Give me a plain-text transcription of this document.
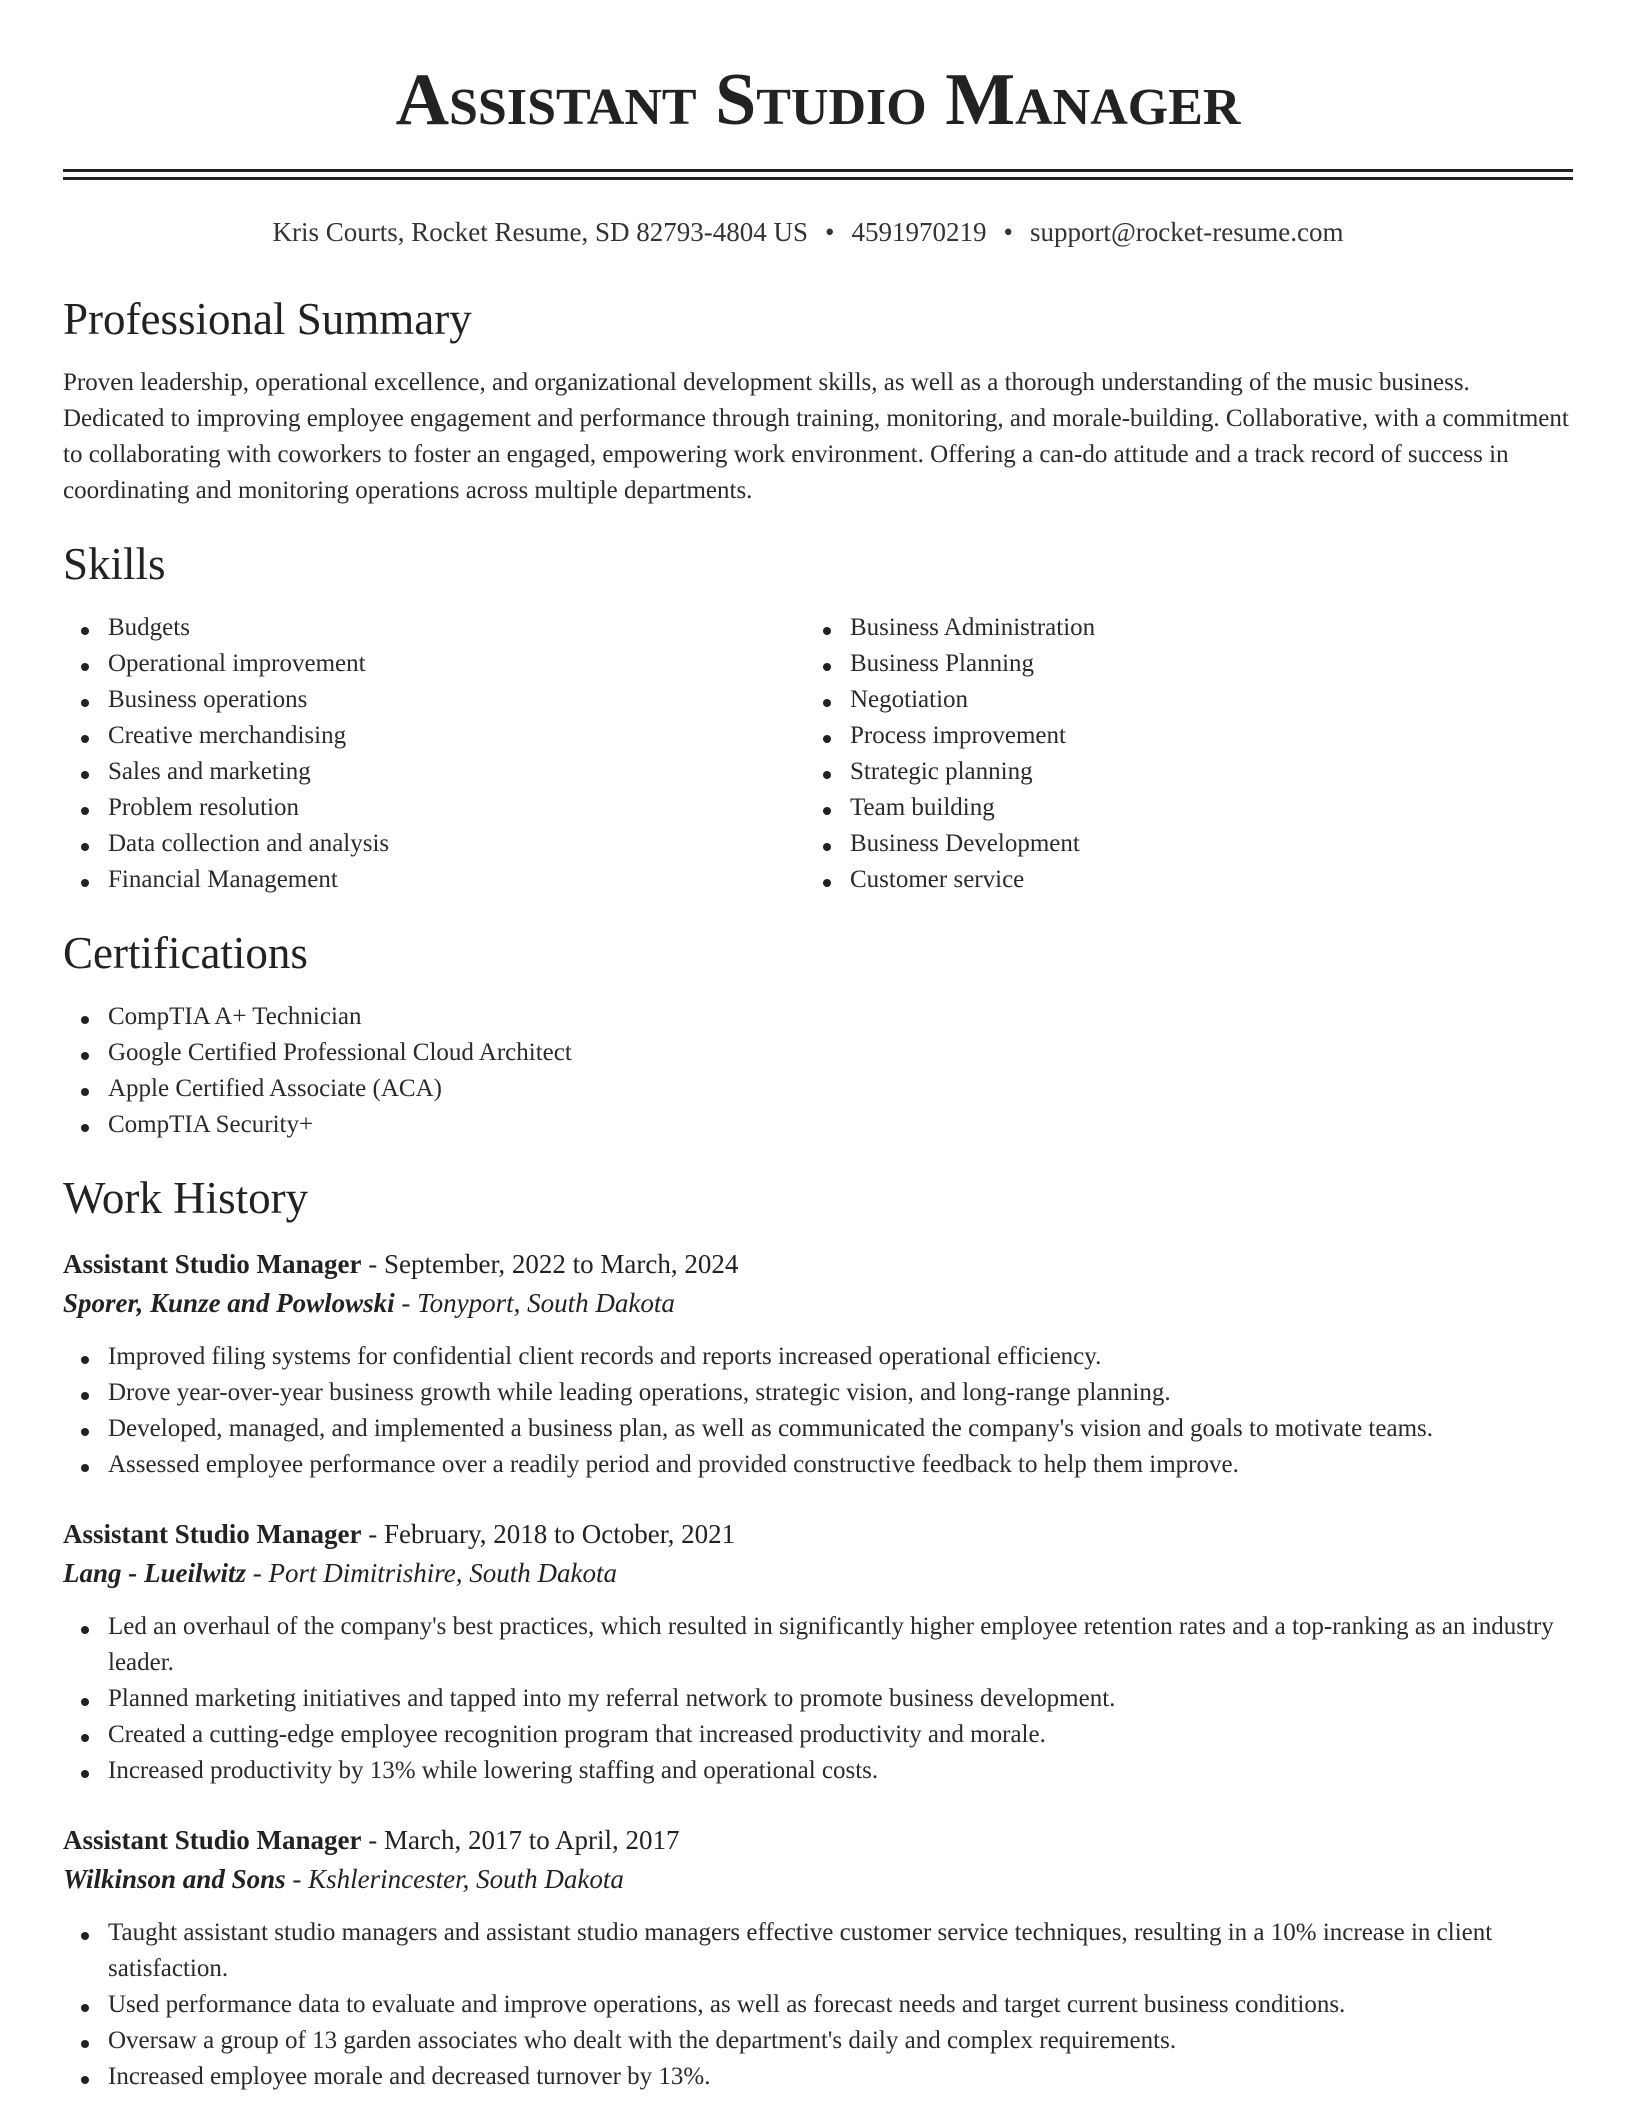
Assistant Studio Manager
Kris Courts, Rocket Resume, SD 82793-4804 US • 4591970219 • support@rocket-resume.com
Professional Summary

Proven leadership, operational excellence, and organizational development skills, as well as a thorough understanding of the music business. Dedicated to improving employee engagement and performance through training, monitoring, and morale-building. Collaborative, with a commitment to collaborating with coworkers to foster an engaged, empowering work environment. Offering a can-do attitude and a track record of success in coordinating and monitoring operations across multiple departments.

Skills
Budgets
Operational improvement
Business operations
Creative merchandising
Sales and marketing
Problem resolution
Data collection and analysis
Financial Management
Business Administration
Business Planning
Negotiation
Process improvement
Strategic planning
Team building
Business Development
Customer service
Certifications
CompTIA A+ Technician
Google Certified Professional Cloud Architect
Apple Certified Associate (ACA)
CompTIA Security+
Work History
Assistant Studio Manager - September, 2022 to March, 2024
Sporer, Kunze and Powlowski - Tonyport, South Dakota
Improved filing systems for confidential client records and reports increased operational efficiency.
Drove year-over-year business growth while leading operations, strategic vision, and long-range planning.
Developed, managed, and implemented a business plan, as well as communicated the company's vision and goals to motivate teams.
Assessed employee performance over a readily period and provided constructive feedback to help them improve.
Assistant Studio Manager - February, 2018 to October, 2021
Lang - Lueilwitz - Port Dimitrishire, South Dakota
Led an overhaul of the company's best practices, which resulted in significantly higher employee retention rates and a top-ranking as an industry leader.
Planned marketing initiatives and tapped into my referral network to promote business development.
Created a cutting-edge employee recognition program that increased productivity and morale.
Increased productivity by 13% while lowering staffing and operational costs.
Assistant Studio Manager - March, 2017 to April, 2017
Wilkinson and Sons - Kshlerincester, South Dakota
Taught assistant studio managers and assistant studio managers effective customer service techniques, resulting in a 10% increase in client satisfaction.
Used performance data to evaluate and improve operations, as well as forecast needs and target current business conditions.
Oversaw a group of 13 garden associates who dealt with the department's daily and complex requirements.
Increased employee morale and decreased turnover by 13%.
